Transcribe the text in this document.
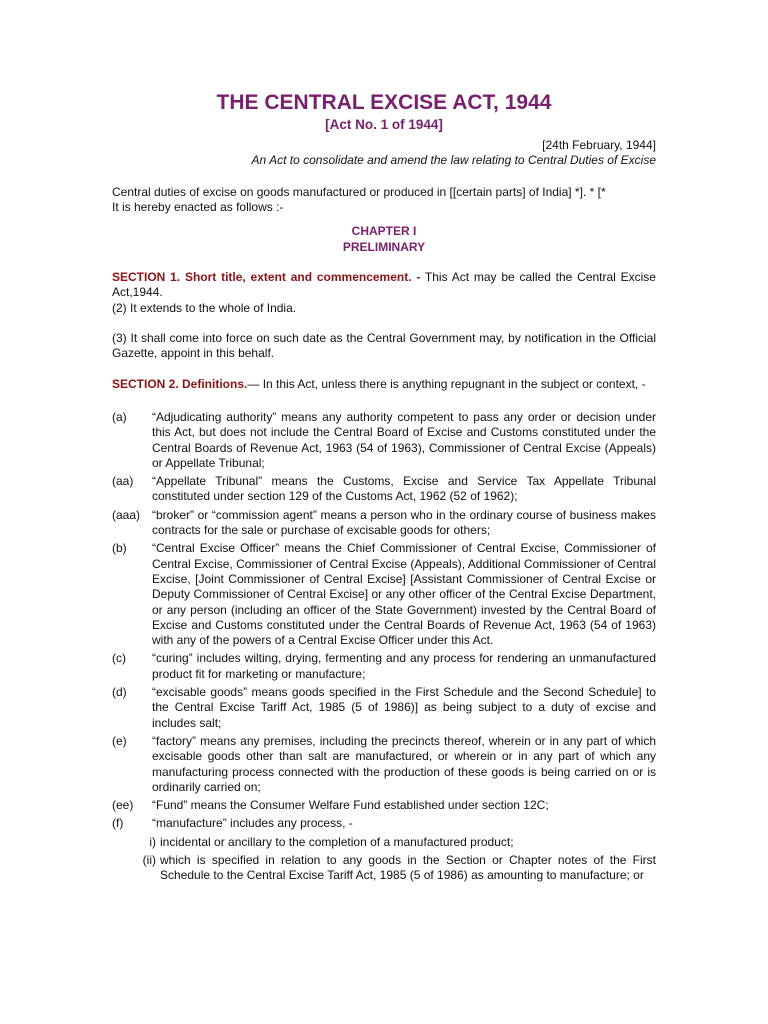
THE CENTRAL EXCISE ACT, 1944
[Act No. 1 of 1944]

[24th February, 1944]

An Act to consolidate and amend the law relating to Central Duties of Excise

Central duties of excise on goods manufactured or produced in [[certain parts] of India] *]. * [*

It is hereby enacted as follows :-

CHAPTER I
PRELIMINARY

SECTION 1. Short title, extent and commencement. - This Act may be called the Central Excise Act,1944.

(2) It extends to the whole of India.

(3) It shall come into force on such date as the Central Government may, by notification in the Official Gazette, appoint in this behalf.

SECTION 2. Definitions.— In this Act, unless there is anything repugnant in the subject or context, -

(a)	“Adjudicating authority” means any authority competent to pass any order or decision under this Act, but does not include the Central Board of Excise and Customs constituted under the Central Boards of Revenue Act, 1963 (54 of 1963), Commissioner of Central Excise (Appeals) or Appellate Tribunal;
(aa)	“Appellate Tribunal” means the Customs, Excise and Service Tax Appellate Tribunal constituted under section 129 of the Customs Act, 1962 (52 of 1962);
(aaa) “broker” or “commission agent” means a person who in the ordinary course of business makes contracts for the sale or purchase of excisable goods for others;
(b)	“Central Excise Officer” means the Chief Commissioner of Central Excise, Commissioner of Central Excise, Commissioner of Central Excise (Appeals), Additional Commissioner of Central Excise, [Joint Commissioner of Central Excise] [Assistant Commissioner of Central Excise or Deputy Commissioner of Central Excise] or any other officer of the Central Excise Department, or any person (including an officer of the State Government) invested by the Central Board of Excise and Customs constituted under the Central Boards of Revenue Act, 1963 (54 of 1963) with any of the powers of a Central Excise Officer under this Act.
(c)	“curing” includes wilting, drying, fermenting and any process for rendering an unmanufactured product fit for marketing or manufacture;
(d)	“excisable goods” means goods specified in the First Schedule and the Second Schedule] to the Central Excise Tariff Act, 1985 (5 of 1986)] as being subject to a duty of excise and includes salt;
(e)	“factory” means any premises, including the precincts thereof, wherein or in any part of which excisable goods other than salt are manufactured, or wherein or in any part of which any manufacturing process connected with the production of these goods is being carried on or is ordinarily carried on;
(ee)	“Fund” means the Consumer Welfare Fund established under section 12C;
(f)	“manufacture” includes any process, -
i) incidental or ancillary to the completion of a manufactured product;
(ii) which is specified in relation to any goods in the Section or Chapter notes of the First Schedule to the Central Excise Tariff Act, 1985 (5 of 1986) as amounting to manufacture; or
